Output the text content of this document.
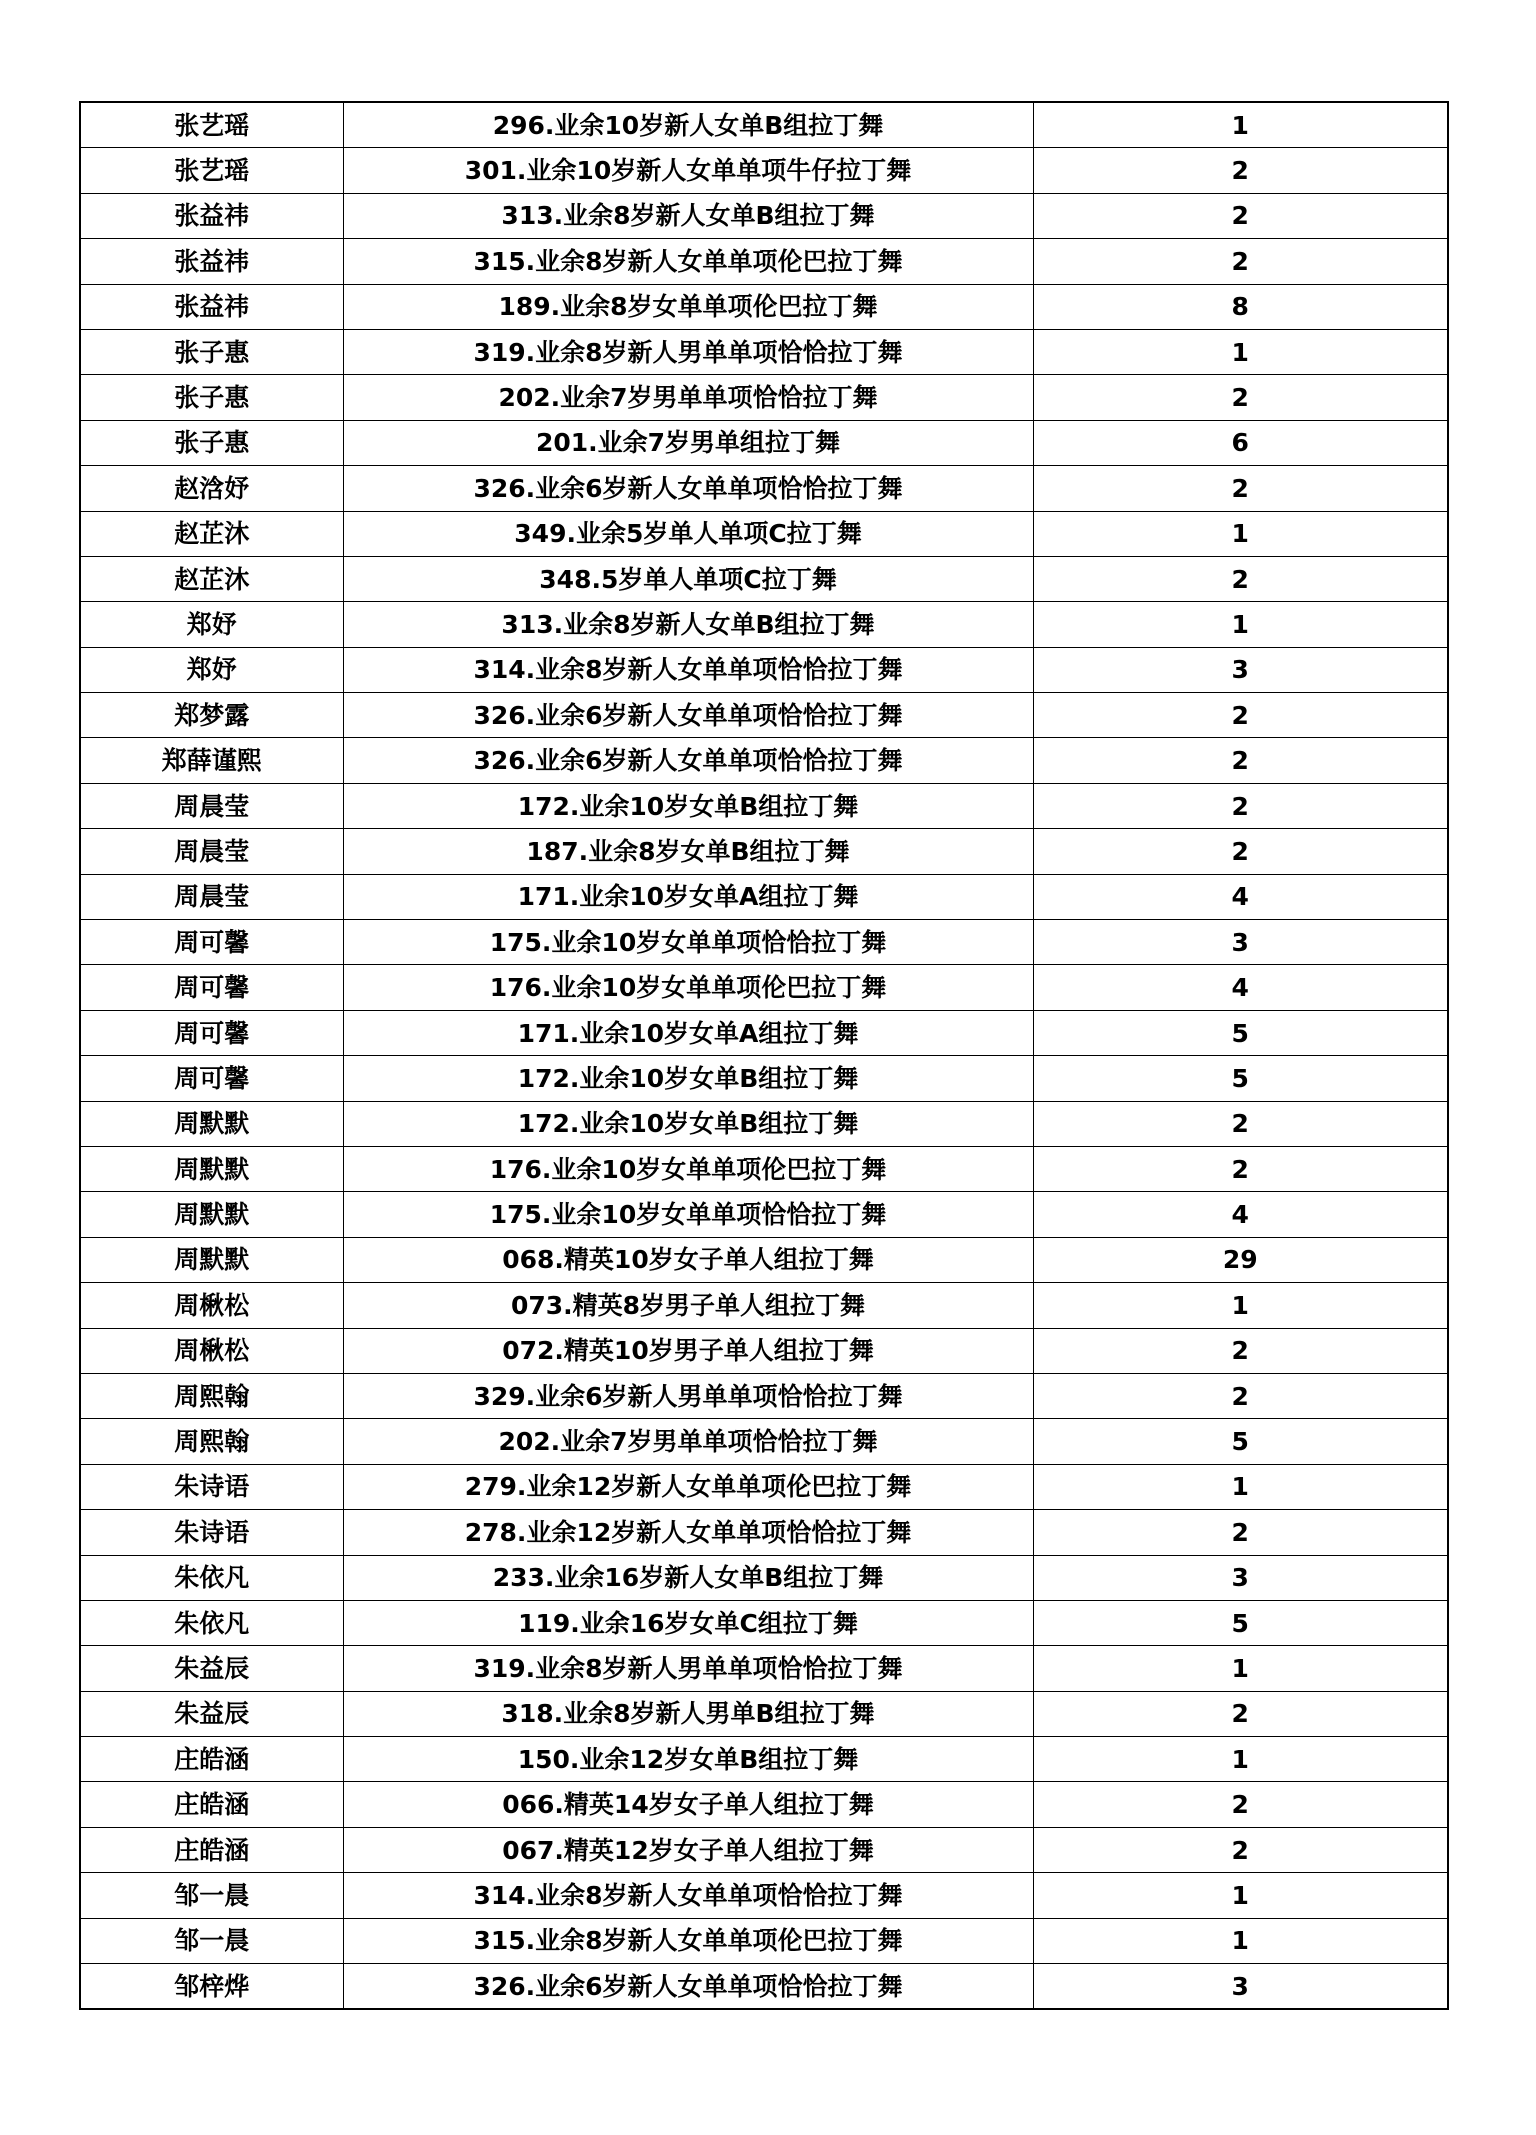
张艺瑶	296.业余10岁新人女单B组拉丁舞	1
张艺瑶	301.业余10岁新人女单单项牛仔拉丁舞	2
张益祎	313.业余8岁新人女单B组拉丁舞	2
张益祎	315.业余8岁新人女单单项伦巴拉丁舞	2
张益祎	189.业余8岁女单单项伦巴拉丁舞	8
张子惠	319.业余8岁新人男单单项恰恰拉丁舞	1
张子惠	202.业余7岁男单单项恰恰拉丁舞	2
张子惠	201.业余7岁男单组拉丁舞	6
赵浛妤	326.业余6岁新人女单单项恰恰拉丁舞	2
赵芷沐	349.业余5岁单人单项C拉丁舞	1
赵芷沐	348.5岁单人单项C拉丁舞	2
郑妤	313.业余8岁新人女单B组拉丁舞	1
郑妤	314.业余8岁新人女单单项恰恰拉丁舞	3
郑梦露	326.业余6岁新人女单单项恰恰拉丁舞	2
郑薛谨熙	326.业余6岁新人女单单项恰恰拉丁舞	2
周晨莹	172.业余10岁女单B组拉丁舞	2
周晨莹	187.业余8岁女单B组拉丁舞	2
周晨莹	171.业余10岁女单A组拉丁舞	4
周可馨	175.业余10岁女单单项恰恰拉丁舞	3
周可馨	176.业余10岁女单单项伦巴拉丁舞	4
周可馨	171.业余10岁女单A组拉丁舞	5
周可馨	172.业余10岁女单B组拉丁舞	5
周默默	172.业余10岁女单B组拉丁舞	2
周默默	176.业余10岁女单单项伦巴拉丁舞	2
周默默	175.业余10岁女单单项恰恰拉丁舞	4
周默默	068.精英10岁女子单人组拉丁舞	29
周楸松	073.精英8岁男子单人组拉丁舞	1
周楸松	072.精英10岁男子单人组拉丁舞	2
周熙翰	329.业余6岁新人男单单项恰恰拉丁舞	2
周熙翰	202.业余7岁男单单项恰恰拉丁舞	5
朱诗语	279.业余12岁新人女单单项伦巴拉丁舞	1
朱诗语	278.业余12岁新人女单单项恰恰拉丁舞	2
朱依凡	233.业余16岁新人女单B组拉丁舞	3
朱依凡	119.业余16岁女单C组拉丁舞	5
朱益辰	319.业余8岁新人男单单项恰恰拉丁舞	1
朱益辰	318.业余8岁新人男单B组拉丁舞	2
庄皓涵	150.业余12岁女单B组拉丁舞	1
庄皓涵	066.精英14岁女子单人组拉丁舞	2
庄皓涵	067.精英12岁女子单人组拉丁舞	2
邹一晨	314.业余8岁新人女单单项恰恰拉丁舞	1
邹一晨	315.业余8岁新人女单单项伦巴拉丁舞	1
邹梓烨	326.业余6岁新人女单单项恰恰拉丁舞	3
